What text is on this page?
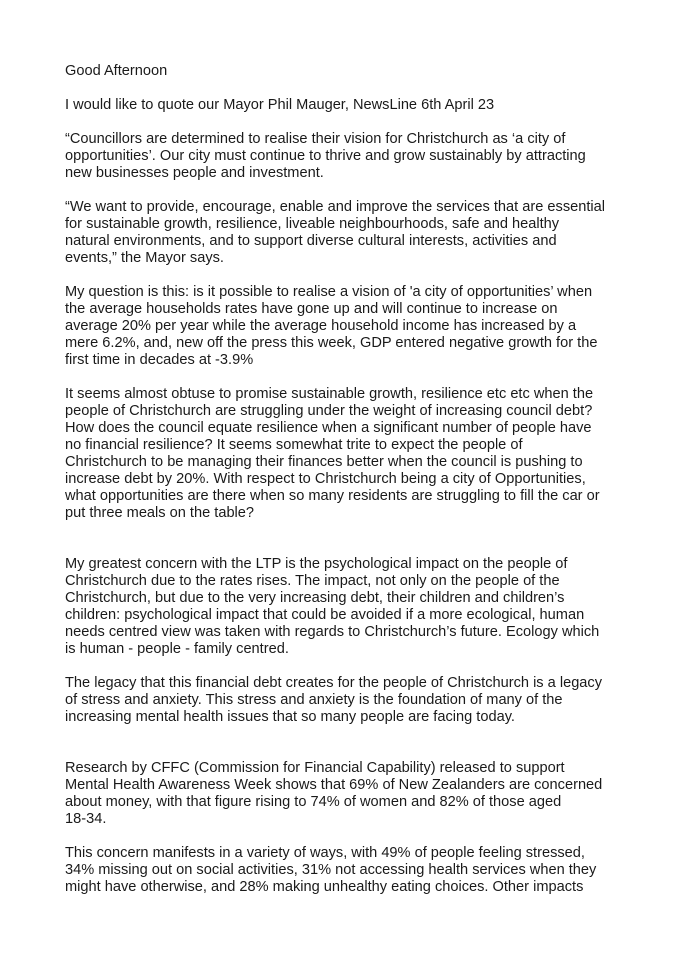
Good Afternoon

I would like to quote our Mayor Phil Mauger, NewsLine 6th April 23

“Councillors are determined to realise their vision for Christchurch as ‘a city of
opportunities’. Our city must continue to thrive and grow sustainably by attracting
new businesses people and investment.

“We want to provide, encourage, enable and improve the services that are essential
for sustainable growth, resilience, liveable neighbourhoods, safe and healthy
natural environments, and to support diverse cultural interests, activities and
events,” the Mayor says.

My question is this: is it possible to realise a vision of 'a city of opportunities’ when
the average households rates have gone up and will continue to increase on
average 20% per year while the average household income has increased by a
mere 6.2%, and, new off the press this week, GDP entered negative growth for the
first time in decades at -3.9%

It seems almost obtuse to promise sustainable growth, resilience etc etc when the
people of Christchurch are struggling under the weight of increasing council debt?
How does the council equate resilience when a significant number of people have
no financial resilience? It seems somewhat trite to expect the people of
Christchurch to be managing their finances better when the council is pushing to
increase debt by 20%. With respect to Christchurch being a city of Opportunities,
what opportunities are there when so many residents are struggling to fill the car or
put three meals on the table?

My greatest concern with the LTP is the psychological impact on the people of
Christchurch due to the rates rises. The impact, not only on the people of the
Christchurch, but due to the very increasing debt, their children and children’s
children: psychological impact that could be avoided if a more ecological, human
needs centred view was taken with regards to Christchurch’s future. Ecology which
is human - people - family centred.

The legacy that this financial debt creates for the people of Christchurch is a legacy
of stress and anxiety. This stress and anxiety is the foundation of many of the
increasing mental health issues that so many people are facing today.

Research by CFFC (Commission for Financial Capability) released to support
Mental Health Awareness Week shows that 69% of New Zealanders are concerned
about money, with that figure rising to 74% of women and 82% of those aged
18-34.

This concern manifests in a variety of ways, with 49% of people feeling stressed,
34% missing out on social activities, 31% not accessing health services when they
might have otherwise, and 28% making unhealthy eating choices. Other impacts
